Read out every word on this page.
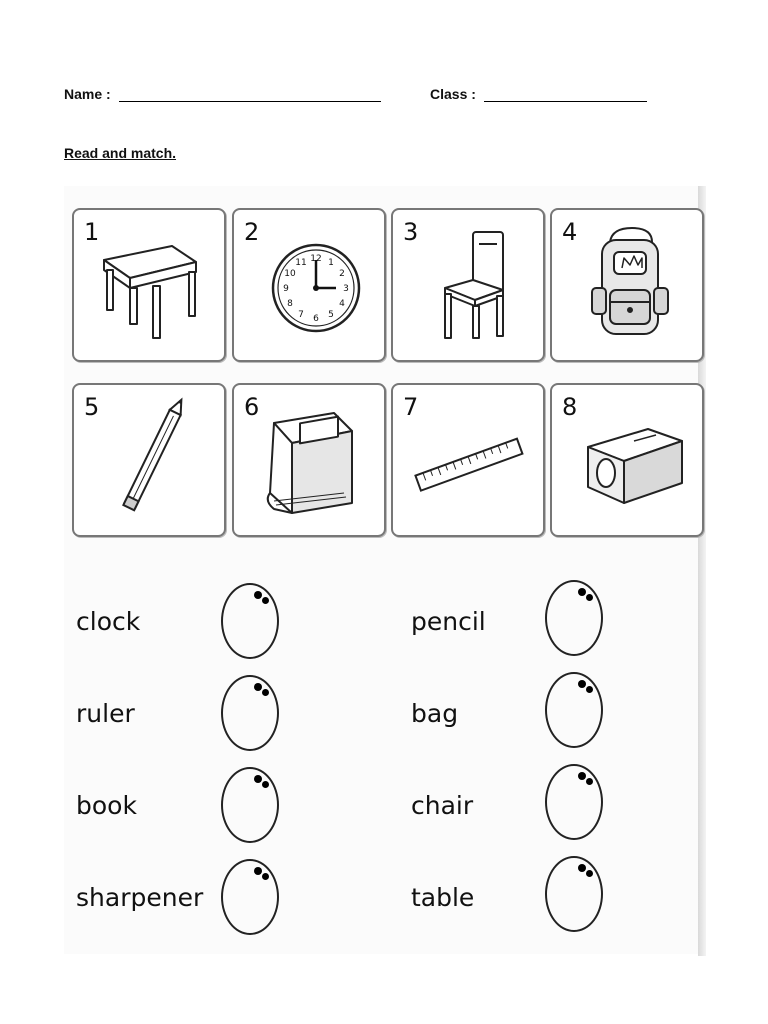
Name :	Class :
Read and match.
1	2
12 1
2
3
4
5
6
7
8
9
10
11
3	4
5	6	7	8
clock
ruler
book
sharpener
pencil
bag
chair
table
